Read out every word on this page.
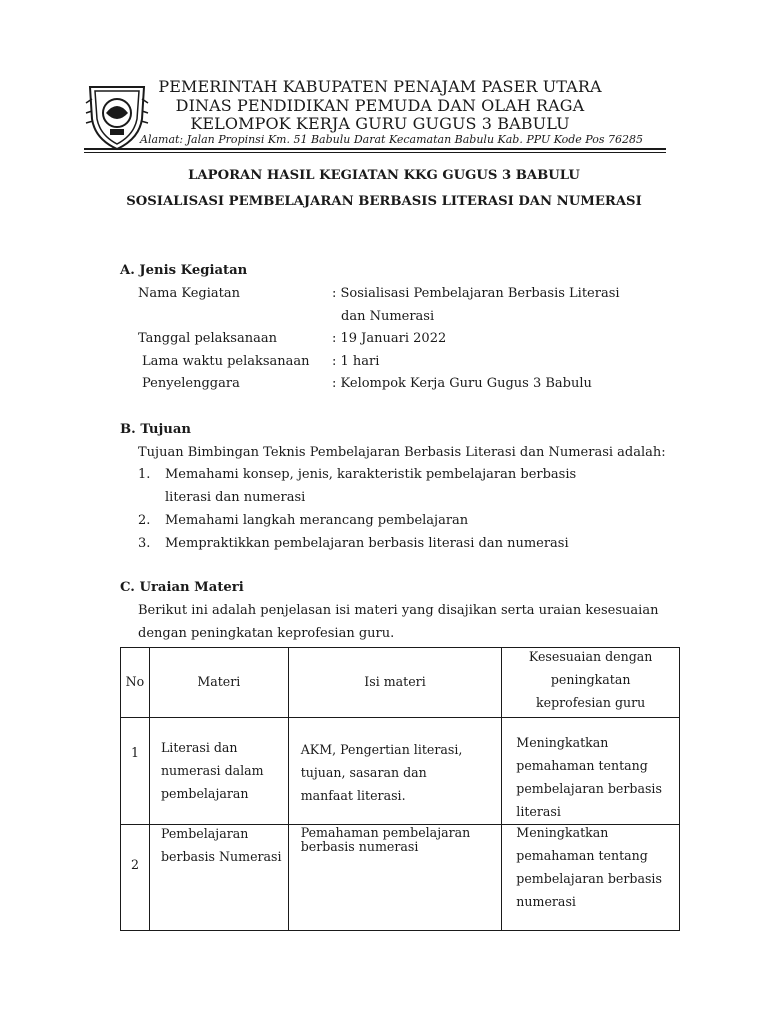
PEMERINTAH KABUPATEN PENAJAM PASER UTARA
DINAS PENDIDIKAN PEMUDA DAN OLAH RAGA
KELOMPOK KERJA GURU GUGUS 3 BABULU
Alamat: Jalan Propinsi Km. 51 Babulu Darat Kecamatan Babulu Kab. PPU Kode Pos 76285
LAPORAN HASIL KEGIATAN KKG GUGUS 3 BABULU
SOSIALISASI PEMBELAJARAN BERBASIS LITERASI DAN NUMERASI
A. Jenis Kegiatan
Nama Kegiatan	: Sosialisasi Pembelajaran Berbasis Literasi
dan Numerasi
Tanggal pelaksanaan	: 19 Januari 2022
Lama waktu pelaksanaan : 1 hari
Penyelenggara	: Kelompok Kerja Guru Gugus 3 Babulu
B. Tujuan
Tujuan Bimbingan Teknis Pembelajaran Berbasis Literasi dan Numerasi adalah:
1. Memahami konsep, jenis, karakteristik pembelajaran berbasis
literasi dan numerasi
2. Memahami langkah merancang pembelajaran
3. Mempraktikkan pembelajaran berbasis literasi dan numerasi
C. Uraian Materi
Berikut ini adalah penjelasan isi materi yang disajikan serta uraian kesesuaian
dengan peningkatan keprofesian guru.
No	Materi	Isi materi	Kesesuaian dengan peningkatan keprofesian guru

1	Literasi dan numerasi dalam pembelajaran	AKM, Pengertian literasi, tujuan, sasaran dan manfaat literasi.	Meningkatkan pemahaman tentang pembelajaran berbasis literasi

2	Pembelajaran berbasis Numerasi	Pemahaman pembelajaran berbasis numerasi	Meningkatkan pemahaman tentang pembelajaran berbasis numerasi
